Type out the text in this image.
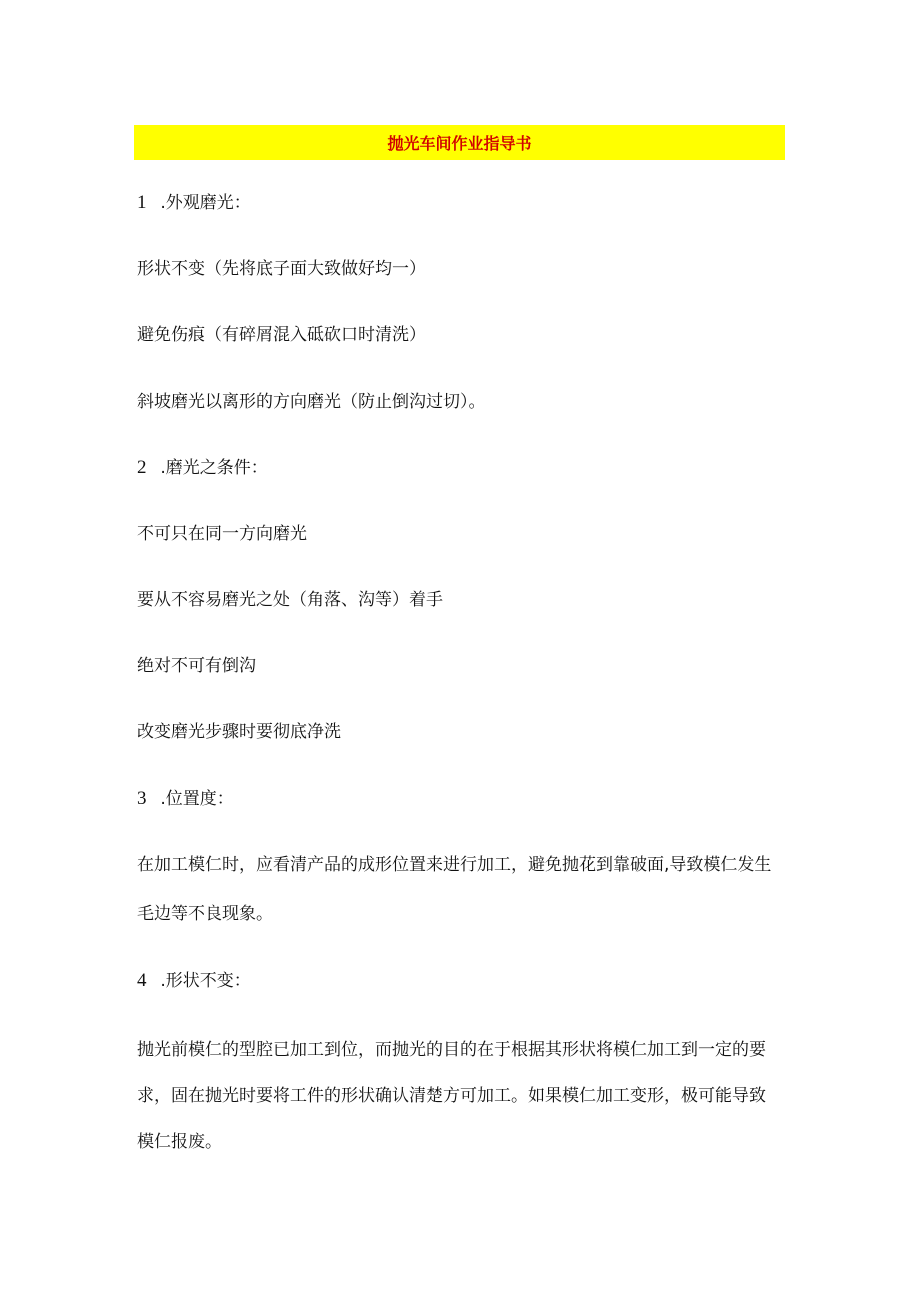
抛光车间作业指导书
1 .外观磨光：
形状不变（先将底子面大致做好均一）
避免伤痕（有碎屑混入砥砍口时清洗）
斜坡磨光以离形的方向磨光（防止倒沟过切）。
2 .磨光之条件：
不可只在同一方向磨光
要从不容易磨光之处（角落、沟等）着手
绝对不可有倒沟
改变磨光步骤时要彻底净洗
3 .位置度：
在加工模仁时，应看清产品的成形位置来进行加工，避免抛花到靠破面,导致模仁发生
毛边等不良现象。
4 .形状不变：
抛光前模仁的型腔已加工到位，而抛光的目的在于根据其形状将模仁加工到一定的要
求，固在抛光时要将工件的形状确认清楚方可加工。如果模仁加工变形，极可能导致
模仁报废。
